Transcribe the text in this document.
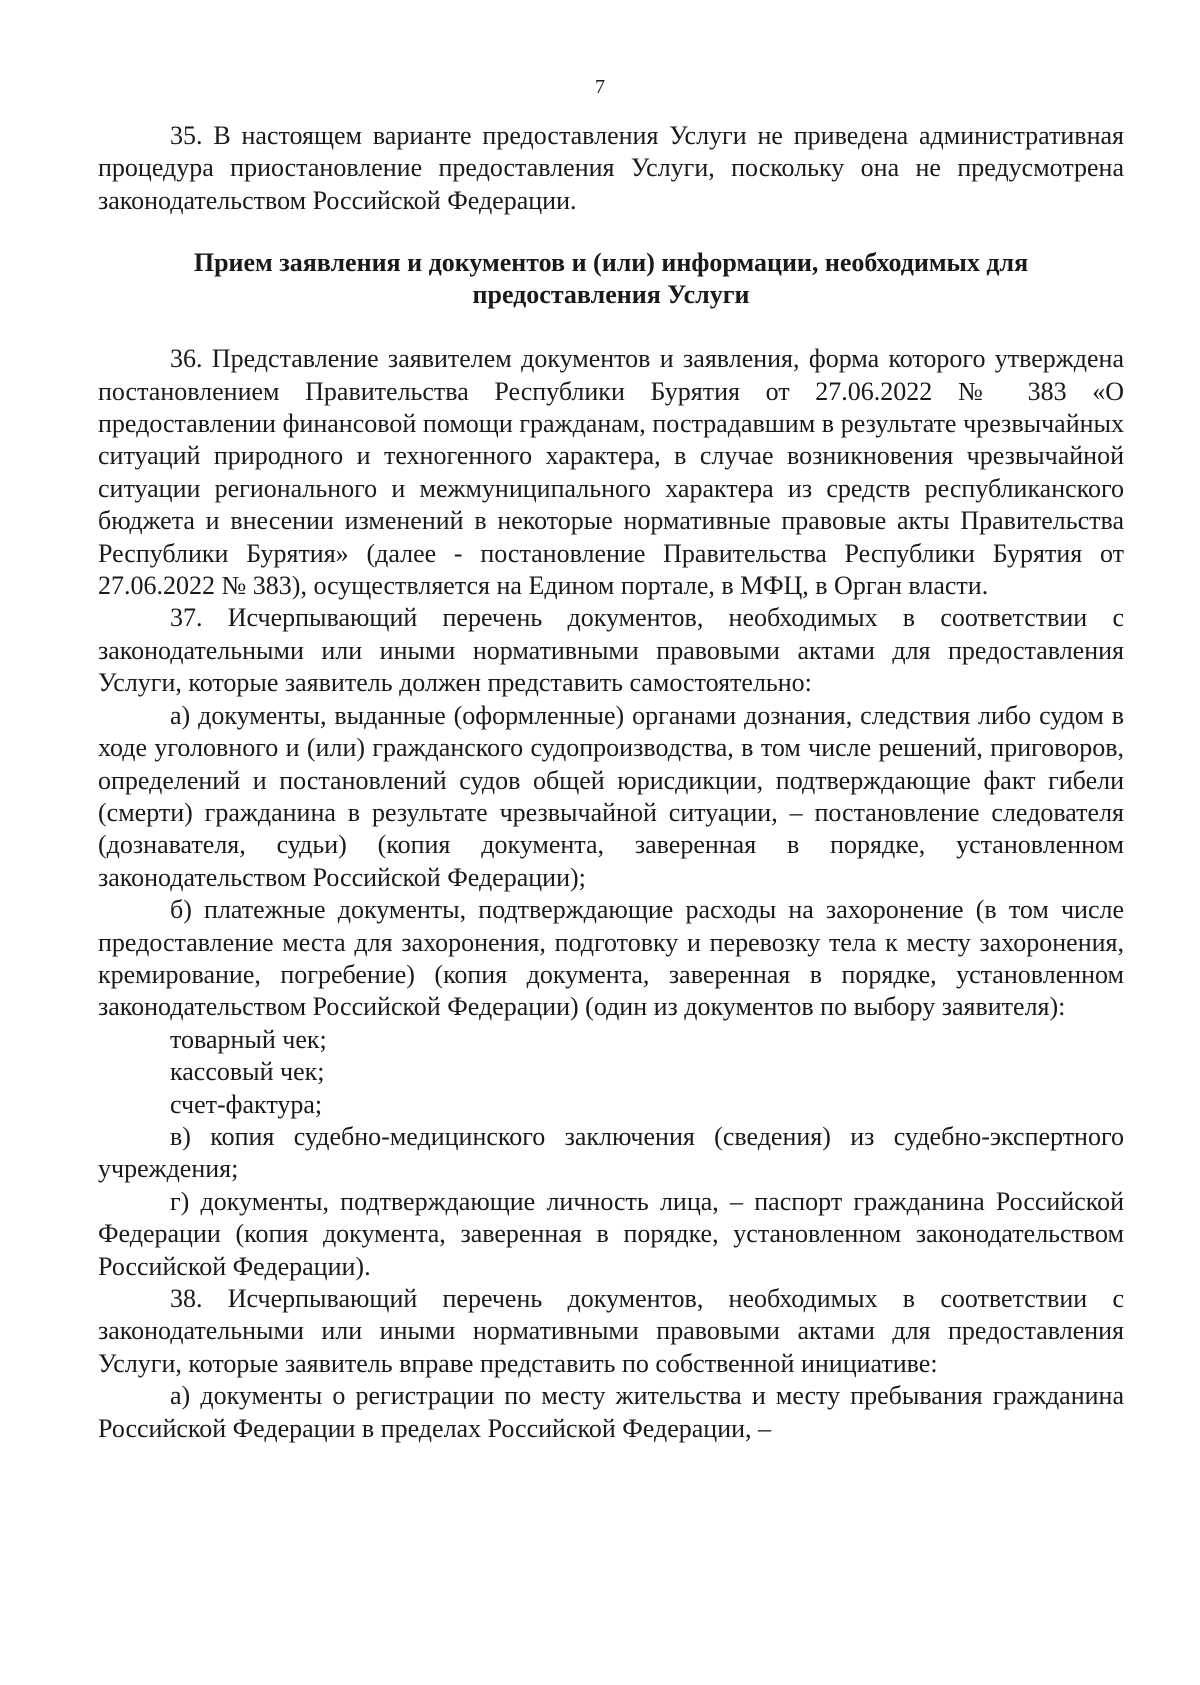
7

35. В настоящем варианте предоставления Услуги не приведена административная процедура приостановление предоставления Услуги, поскольку она не предусмотрена законодательством Российской Федерации.

Прием заявления и документов и (или) информации, необходимых для предоставления Услуги

36. Представление заявителем документов и заявления, форма которого утверждена постановлением Правительства Республики Бурятия от 27.06.2022 № 383 «О предоставлении финансовой помощи гражданам, пострадавшим в результате чрезвычайных ситуаций природного и техногенного характера, в случае возникновения чрезвычайной ситуации регионального и межмуниципального характера из средств республиканского бюджета и внесении изменений в некоторые нормативные правовые акты Правительства Республики Бурятия» (далее - постановление Правительства Республики Бурятия от 27.06.2022 № 383), осуществляется на Едином портале, в МФЦ, в Орган власти.

37. Исчерпывающий перечень документов, необходимых в соответствии с законодательными или иными нормативными правовыми актами для предоставления Услуги, которые заявитель должен представить самостоятельно:

а) документы, выданные (оформленные) органами дознания, следствия либо судом в ходе уголовного и (или) гражданского судопроизводства, в том числе решений, приговоров, определений и постановлений судов общей юрисдикции, подтверждающие факт гибели (смерти) гражданина в результате чрезвычайной ситуации, – постановление следователя (дознавателя, судьи) (копия документа, заверенная в порядке, установленном законодательством Российской Федерации);

б) платежные документы, подтверждающие расходы на захоронение (в том числе предоставление места для захоронения, подготовку и перевозку тела к месту захоронения, кремирование, погребение) (копия документа, заверенная в порядке, установленном законодательством Российской Федерации) (один из документов по выбору заявителя):

товарный чек;

кассовый чек;

счет-фактура;

в) копия судебно-медицинского заключения (сведения) из судебно-экспертного учреждения;

г) документы, подтверждающие личность лица, – паспорт гражданина Российской Федерации (копия документа, заверенная в порядке, установленном законодательством Российской Федерации).

38. Исчерпывающий перечень документов, необходимых в соответствии с законодательными или иными нормативными правовыми актами для предоставления Услуги, которые заявитель вправе представить по собственной инициативе:

а) документы о регистрации по месту жительства и месту пребывания гражданина Российской Федерации в пределах Российской Федерации, –
